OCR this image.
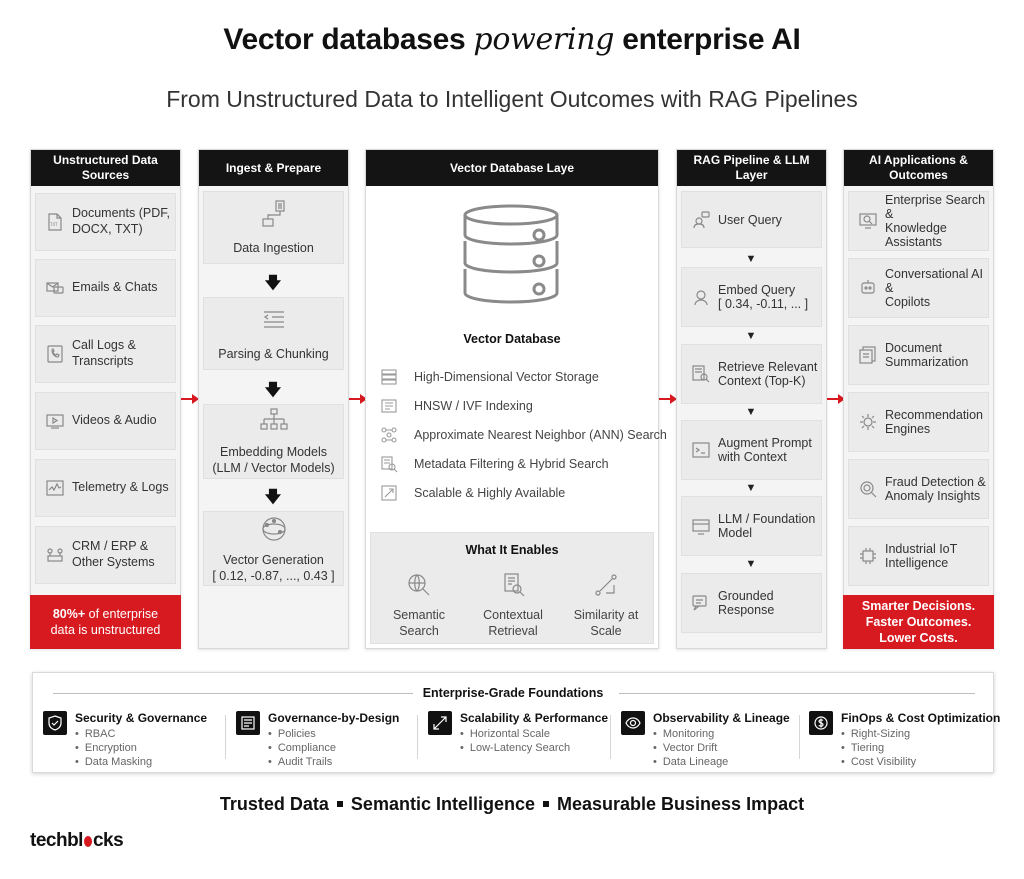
Vector databases powering enterprise AI
From Unstructured Data to Intelligent Outcomes with RAG Pipelines
Unstructured Data Sources
TXT
Documents (PDF, DOCX, TXT)
Emails & Chats
Call Logs & Transcripts
Videos & Audio
Telemetry & Logs
CRM / ERP & Other Systems
80%+ of enterprise
data is unstructured
Ingest & Prepare
Data Ingestion
🡇
Parsing & Chunking
🡇
Embedding Models
(LLM / Vector Models)
🡇
Vector Generation
[ 0.12, -0.87, ..., 0.43 ]
Vector Database Laye
Vector Database
High-Dimensional Vector Storage
HNSW / IVF Indexing
Approximate Nearest Neighbor (ANN) Search
Metadata Filtering & Hybrid Search
Scalable & Highly Available
What It Enables
Semantic
Search
Contextual
Retrieval
Similarity at
Scale
RAG Pipeline & LLM Layer
User Query
▼
Embed Query
[ 0.34, -0.11, ... ]
▼
Retrieve Relevant
Context (Top-K)
▼
Augment Prompt
with Context
▼
LLM / Foundation
Model
▼
Grounded
Response
AI Applications & Outcomes
Enterprise Search &
Knowledge
Assistants
Conversational AI &
Copilots
Document
Summarization
Recommendation
Engines
Fraud Detection &
Anomaly Insights
Industrial IoT
Intelligence
Smarter Decisions.
Faster Outcomes.
Lower Costs.
Enterprise-Grade Foundations
Security & Governance
• RBAC
• Encryption
• Data Masking
Governance-by-Design
• Policies
• Compliance
• Audit Trails
Scalability & Performance
• Horizontal Scale
• Low-Latency Search
Observability & Lineage
• Monitoring
• Vector Drift
• Data Lineage
FinOps & Cost Optimization
• Right-Sizing
• Tiering
• Cost Visibility
Trusted Data Semantic Intelligence Measurable Business Impact
techbl cks
